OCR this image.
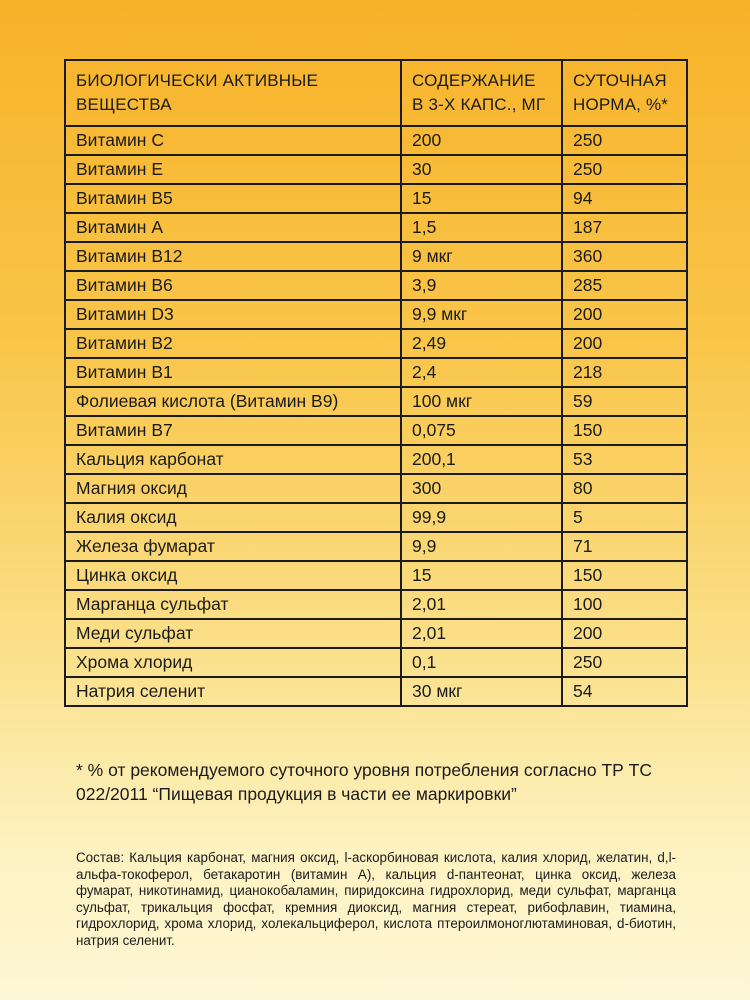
БИОЛОГИЧЕСКИ АКТИВНЫЕ ВЕЩЕСТВА	СОДЕРЖАНИЕ В 3-Х КАПС., МГ	СУТОЧНАЯ НОРМА, %*
Витамин С	200	250
Витамин Е	30	250
Витамин В5	15	94
Витамин А	1,5	187
Витамин В12	9 мкг	360
Витамин В6	3,9	285
Витамин D3	9,9 мкг	200
Витамин В2	2,49	200
Витамин В1	2,4	218
Фолиевая кислота (Витамин В9)	100 мкг	59
Витамин В7	0,075	150
Кальция карбонат	200,1	53
Магния оксид	300	80
Калия оксид	99,9	5
Железа фумарат	9,9	71
Цинка оксид	15	150
Марганца сульфат	2,01	100
Меди сульфат	2,01	200
Хрома хлорид	0,1	250
Натрия селенит	30 мкг	54
* % от рекомендуемого суточного уровня потребления согласно ТР ТС 022/2011 “Пищевая продукция в части ее маркировки”
Состав: Кальция карбонат, магния оксид, l-аскорбиновая кислота, калия хлорид, желатин, d,l-альфа-токоферол, бетакаротин (витамин А), кальция d-пантеонат, цинка оксид, железа фумарат, никотинамид, цианокобаламин, пиридоксина гидрохлорид, меди сульфат, марганца сульфат, трикальция фосфат, кремния диоксид, магния стереат, рибофлавин, тиамина, гидрохлорид, хрома хлорид, холекальциферол, кислота птероилмоноглютаминовая, d-биотин, натрия селенит.
